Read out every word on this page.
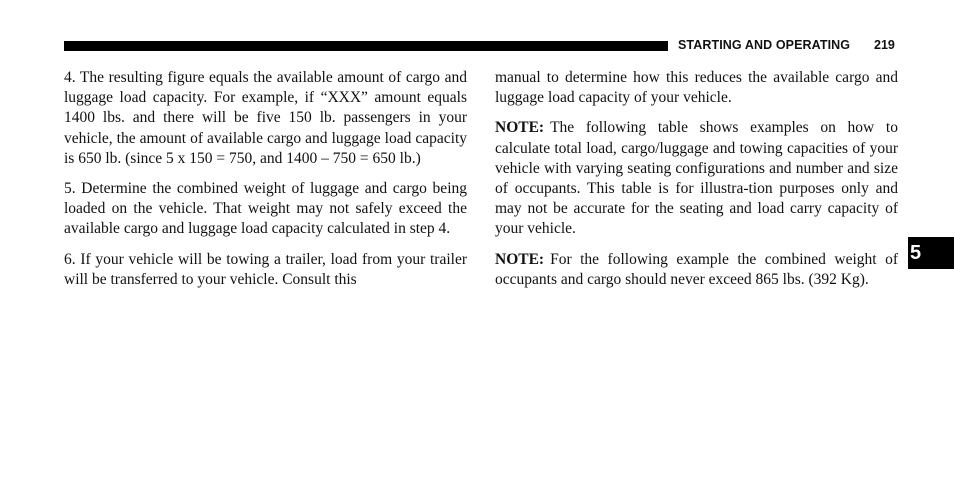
STARTING AND OPERATING 219

4. The resulting figure equals the available amount of cargo and luggage load capacity. For example, if “XXX” amount equals 1400 lbs. and there will be five 150 lb. passengers in your vehicle, the amount of available cargo and luggage load capacity is 650 lb. (since 5 x 150 = 750, and 1400 – 750 = 650 lb.)

5. Determine the combined weight of luggage and cargo being loaded on the vehicle. That weight may not safely exceed the available cargo and luggage load capacity calculated in step 4.

6. If your vehicle will be towing a trailer, load from your trailer will be transferred to your vehicle. Consult this

manual to determine how this reduces the available cargo and luggage load capacity of your vehicle.

NOTE: The following table shows examples on how to calculate total load, cargo/luggage and towing capacities of your vehicle with varying seating configurations and number and size of occupants. This table is for illustra-tion purposes only and may not be accurate for the seating and load carry capacity of your vehicle.

NOTE: For the following example the combined weight of occupants and cargo should never exceed 865 lbs. (392 Kg).

5
